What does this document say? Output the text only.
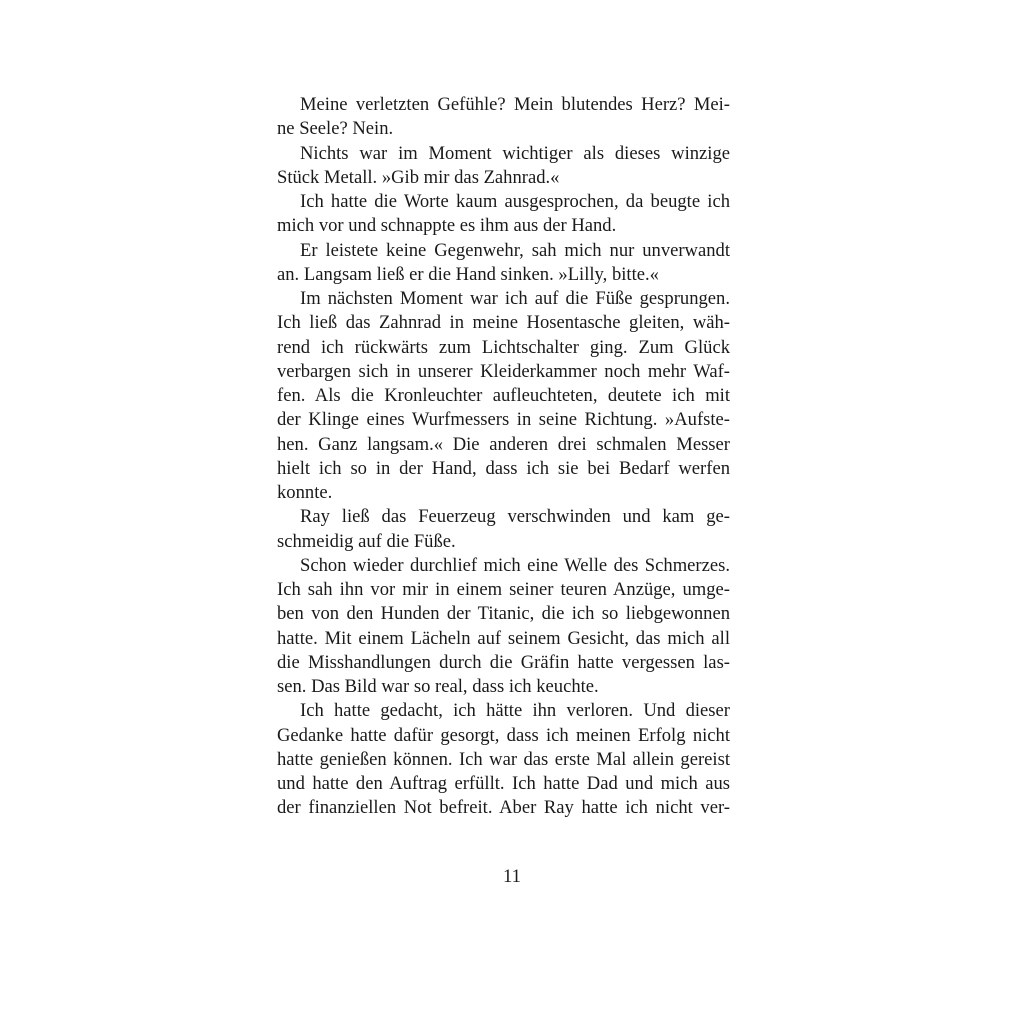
Meine verletzten Gefühle? Mein blutendes Herz? Mei-
ne Seele? Nein.
Nichts war im Moment wichtiger als dieses winzige
Stück Metall. »Gib mir das Zahnrad.«
Ich hatte die Worte kaum ausgesprochen, da beugte ich
mich vor und schnappte es ihm aus der Hand.
Er leistete keine Gegenwehr, sah mich nur unverwandt
an. Langsam ließ er die Hand sinken. »Lilly, bitte.«
Im nächsten Moment war ich auf die Füße gesprungen.
Ich ließ das Zahnrad in meine Hosentasche gleiten, wäh-
rend ich rückwärts zum Lichtschalter ging. Zum Glück
verbargen sich in unserer Kleiderkammer noch mehr Waf-
fen. Als die Kronleuchter aufleuchteten, deutete ich mit
der Klinge eines Wurfmessers in seine Richtung. »Aufste-
hen. Ganz langsam.« Die anderen drei schmalen Messer
hielt ich so in der Hand, dass ich sie bei Bedarf werfen
konnte.
Ray ließ das Feuerzeug verschwinden und kam ge-
schmeidig auf die Füße.
Schon wieder durchlief mich eine Welle des Schmerzes.
Ich sah ihn vor mir in einem seiner teuren Anzüge, umge-
ben von den Hunden der Titanic, die ich so liebgewonnen
hatte. Mit einem Lächeln auf seinem Gesicht, das mich all
die Misshandlungen durch die Gräfin hatte vergessen las-
sen. Das Bild war so real, dass ich keuchte.
Ich hatte gedacht, ich hätte ihn verloren. Und dieser
Gedanke hatte dafür gesorgt, dass ich meinen Erfolg nicht
hatte genießen können. Ich war das erste Mal allein gereist
und hatte den Auftrag erfüllt. Ich hatte Dad und mich aus
der finanziellen Not befreit. Aber Ray hatte ich nicht ver-
11
